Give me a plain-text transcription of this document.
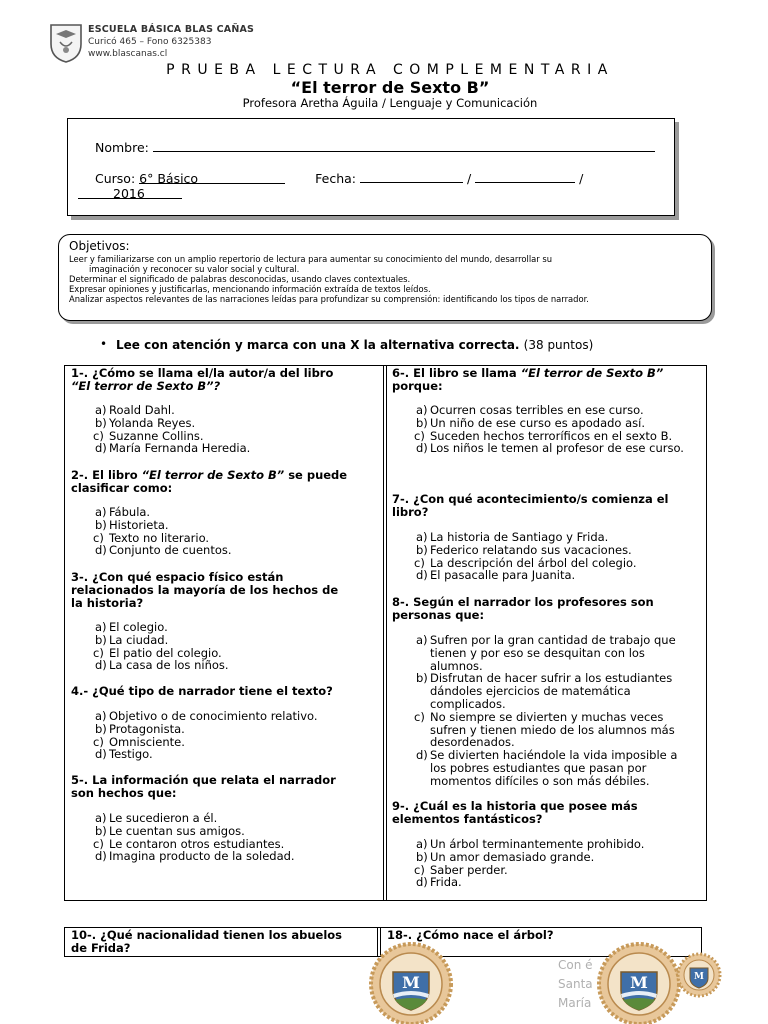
ESCUELA BÁSICA BLAS CAÑAS
Curicó 465 – Fono 6325383
www.blascanas.cl
PRUEBA LECTURA COMPLEMENTARIA
“El terror de Sexto B”
Profesora Aretha Águila / Lenguaje y Comunicación
Nombre:
Curso: 6° Básico	Fecha:	/	/
2016
Objetivos:
Leer y familiarizarse con un amplio repertorio de lectura para aumentar su conocimiento del mundo, desarrollar su
imaginación y reconocer su valor social y cultural.
Determinar el significado de palabras desconocidas, usando claves contextuales.
Expresar opiniones y justificarlas, mencionando información extraída de textos leídos.
Analizar aspectos relevantes de las narraciones leídas para profundizar su comprensión: identificando los tipos de narrador.
• Lee con atención y marca con una X la alternativa correcta. (38 puntos)
1-. ¿Cómo se llama el/la autor/a del libro
“El terror de Sexto B”?
a) Roald Dahl.
b) Yolanda Reyes.
c) Suzanne Collins.
d) María Fernanda Heredia.
2-. El libro “El terror de Sexto B” se puede
clasificar como:
a) Fábula.
b) Historieta.
c) Texto no literario.
d) Conjunto de cuentos.
3-. ¿Con qué espacio físico están
relacionados la mayoría de los hechos de
la historia?
a) El colegio.
b) La ciudad.
c) El patio del colegio.
d) La casa de los niños.
4.- ¿Qué tipo de narrador tiene el texto?
a) Objetivo o de conocimiento relativo.
b) Protagonista.
c) Omnisciente.
d) Testigo.
5-. La información que relata el narrador
son hechos que:
a) Le sucedieron a él.
b) Le cuentan sus amigos.
c) Le contaron otros estudiantes.
d) Imagina producto de la soledad.
6-. El libro se llama “El terror de Sexto B”
porque:
a) Ocurren cosas terribles en ese curso.
b) Un niño de ese curso es apodado así.
c) Suceden hechos terroríficos en el sexto B.
d) Los niños le temen al profesor de ese curso.
7-. ¿Con qué acontecimiento/s comienza el
libro?
a) La historia de Santiago y Frida.
b) Federico relatando sus vacaciones.
c) La descripción del árbol del colegio.
d) El pasacalle para Juanita.
8-. Según el narrador los profesores son
personas que:
a) Sufren por la gran cantidad de trabajo que tienen y por eso se desquitan con los alumnos.
b) Disfrutan de hacer sufrir a los estudiantes dándoles ejercicios de matemática complicados.
c) No siempre se divierten y muchas veces sufren y tienen miedo de los alumnos más desordenados.
d) Se divierten haciéndole la vida imposible a los pobres estudiantes que pasan por momentos difíciles o son más débiles.
9-. ¿Cuál es la historia que posee más
elementos fantásticos?
a) Un árbol terminantemente prohibido.
b) Un amor demasiado grande.
c) Saber perder.
d) Frida.
10-. ¿Qué nacionalidad tienen los abuelos
de Frida?
18-. ¿Cómo nace el árbol?
Con é
Santa
María
M	M	M
